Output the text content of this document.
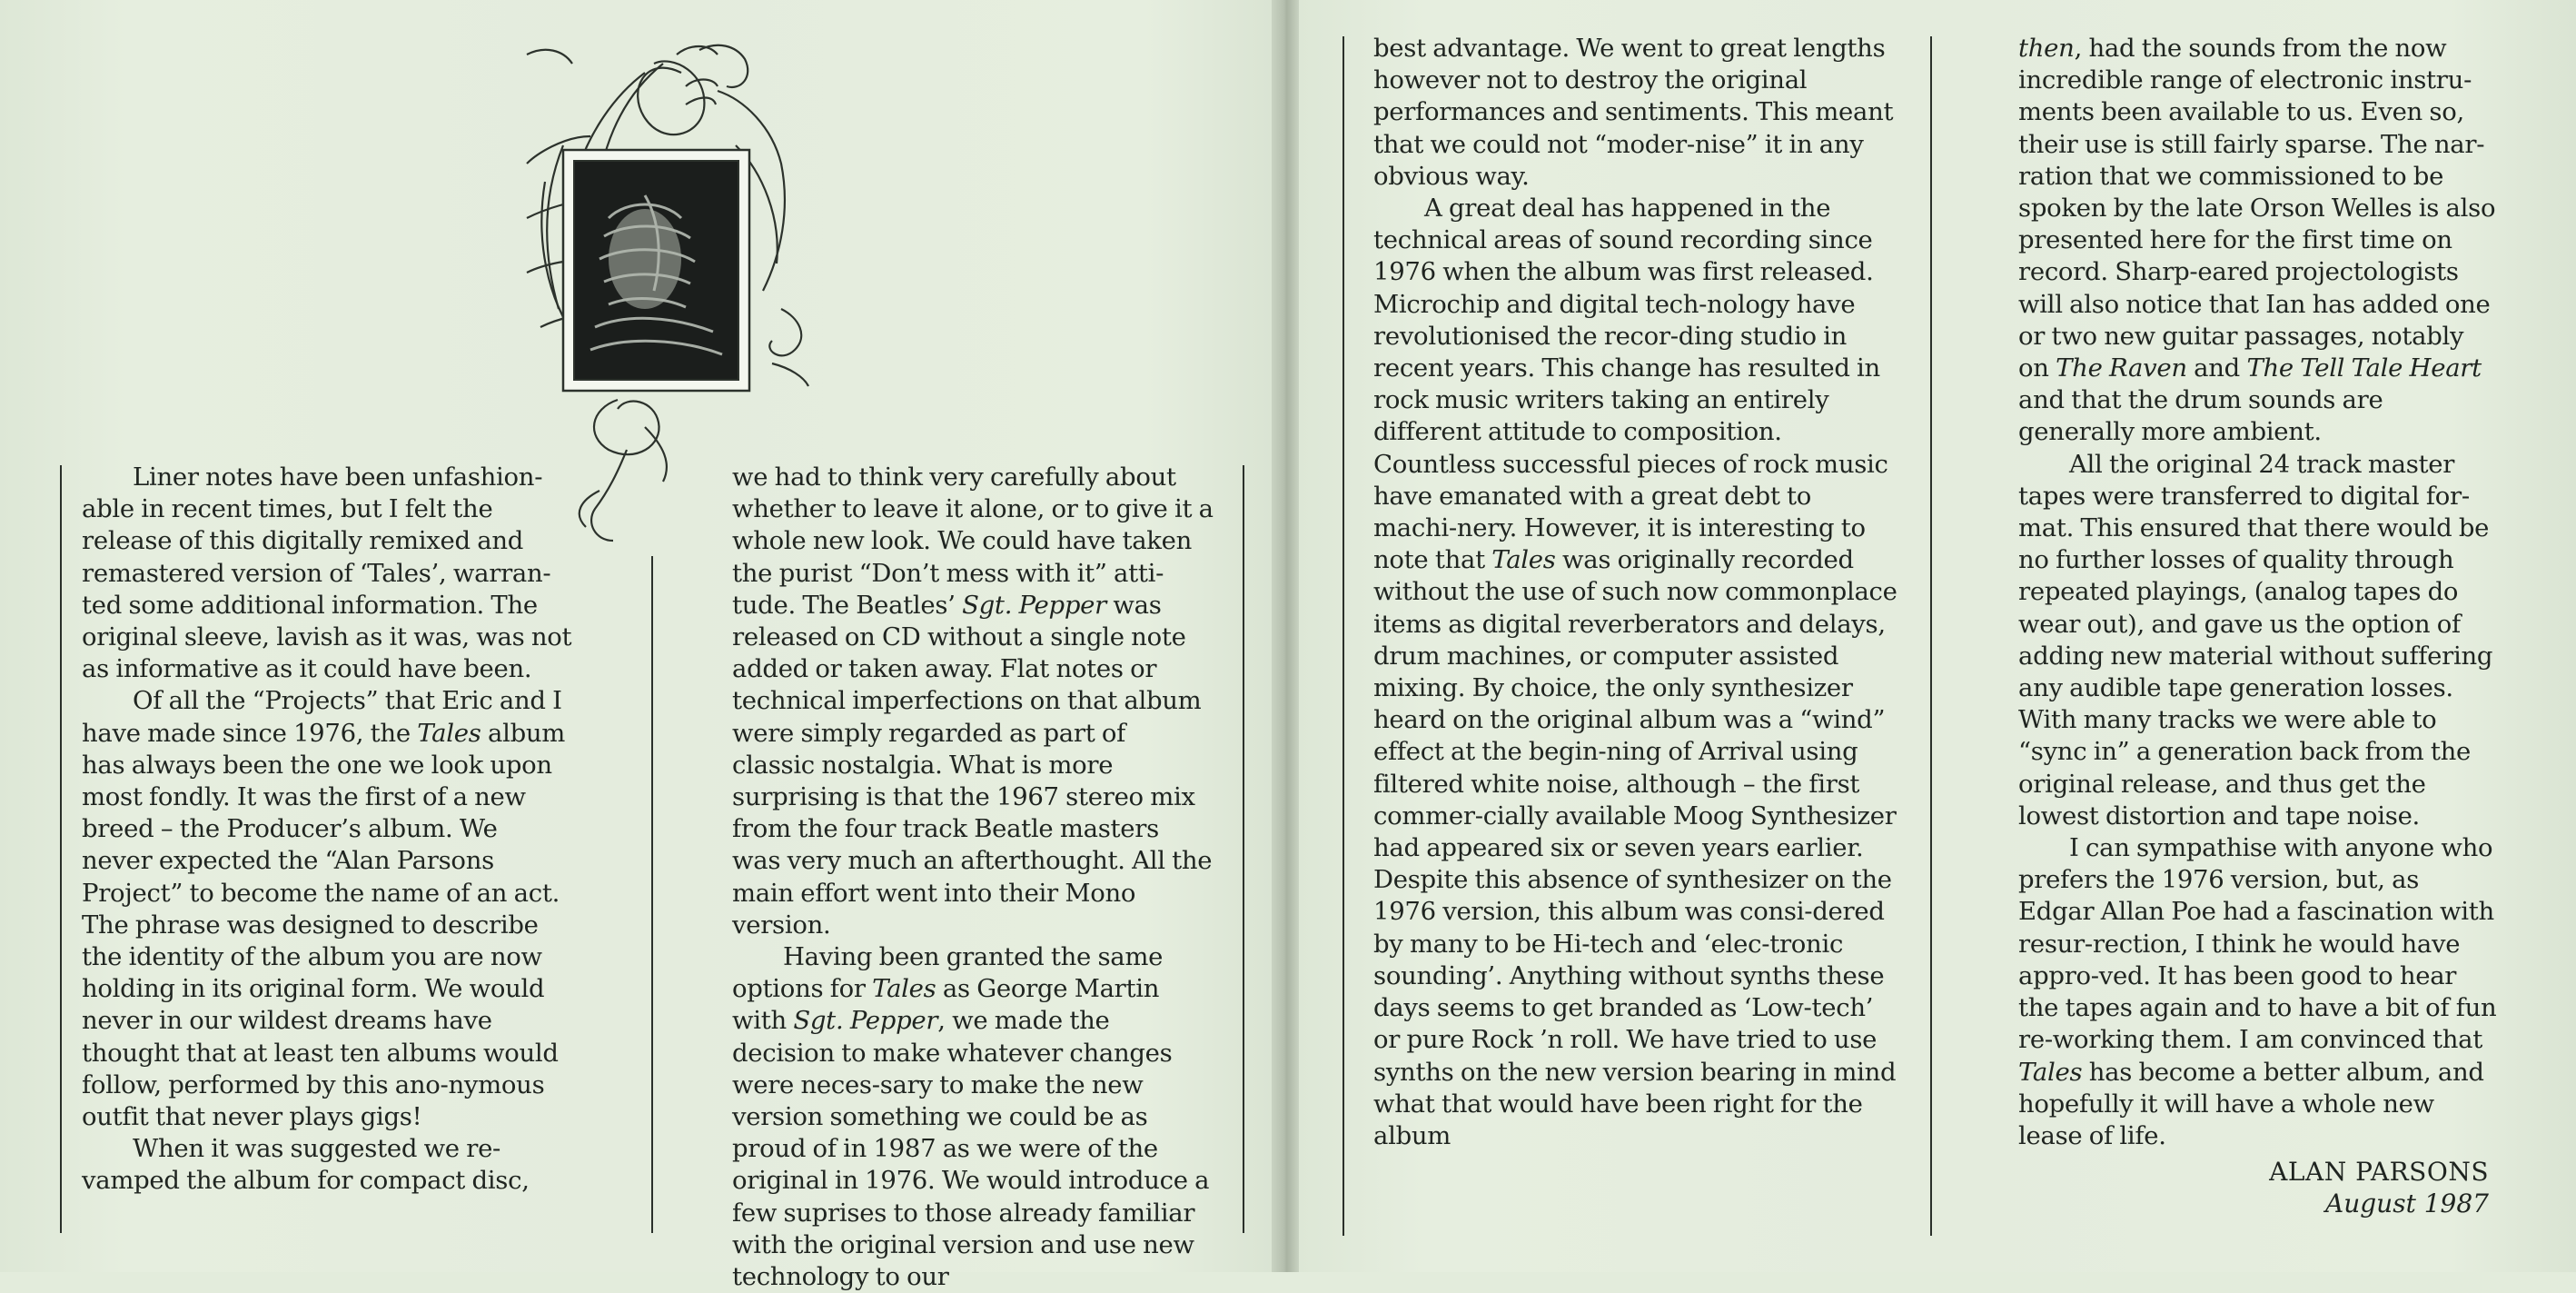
Liner notes have been unfashion-able in recent times, but I felt the release of this digitally remixed and remastered version of ‘Tales’, warran-ted some additional information. The original sleeve, lavish as it was, was not as informative as it could have been.

Of all the “Projects” that Eric and I have made since 1976, the Tales album has always been the one we look upon most fondly. It was the first of a new breed – the Producer’s album. We never expected the “Alan Parsons Project” to become the name of an act. The phrase was designed to describe the identity of the album you are now holding in its original form. We would never in our wildest dreams have thought that at least ten albums would follow, performed by this ano-nymous outfit that never plays gigs!

When it was suggested we re-vamped the album for compact disc,

we had to think very carefully about whether to leave it alone, or to give it a whole new look. We could have taken the purist “Don’t mess with it” atti-tude. The Beatles’ Sgt. Pepper was released on CD without a single note added or taken away. Flat notes or technical imperfections on that album were simply regarded as part of classic nostalgia. What is more surprising is that the 1967 stereo mix from the four track Beatle masters was very much an afterthought. All the main effort went into their Mono version.

Having been granted the same options for Tales as George Martin with Sgt. Pepper, we made the decision to make whatever changes were neces-sary to make the new version something we could be as proud of in 1987 as we were of the original in 1976. We would introduce a few suprises to those already familiar with the original version and use new technology to our

best advantage. We went to great lengths however not to destroy the original performances and sentiments. This meant that we could not “moder-nise” it in any obvious way.

A great deal has happened in the technical areas of sound recording since 1976 when the album was first released. Microchip and digital tech-nology have revolutionised the recor-ding studio in recent years. This change has resulted in rock music writers taking an entirely different attitude to composition. Countless successful pieces of rock music have emanated with a great debt to machi-nery. However, it is interesting to note that Tales was originally recorded without the use of such now commonplace items as digital reverberators and delays, drum machines, or computer assisted mixing. By choice, the only synthesizer heard on the original album was a “wind” effect at the begin-ning of Arrival using filtered white noise, although – the first commer-cially available Moog Synthesizer had appeared six or seven years earlier. Despite this absence of synthesizer on the 1976 version, this album was consi-dered by many to be Hi-tech and ‘elec-tronic sounding’. Anything without synths these days seems to get branded as ‘Low-tech’ or pure Rock ’n roll. We have tried to use synths on the new version bearing in mind what that would have been right for the album

then, had the sounds from the now incredible range of electronic instru-ments been available to us. Even so, their use is still fairly sparse. The nar-ration that we commissioned to be spoken by the late Orson Welles is also presented here for the first time on record. Sharp-eared projectologists will also notice that Ian has added one or two new guitar passages, notably on The Raven and The Tell Tale Heart and that the drum sounds are generally more ambient.

All the original 24 track master tapes were transferred to digital for-mat. This ensured that there would be no further losses of quality through repeated playings, (analog tapes do wear out), and gave us the option of adding new material without suffering any audible tape generation losses. With many tracks we were able to “sync in” a generation back from the original release, and thus get the lowest distortion and tape noise.

I can sympathise with anyone who prefers the 1976 version, but, as Edgar Allan Poe had a fascination with resur-rection, I think he would have appro-ved. It has been good to hear the tapes again and to have a bit of fun re-working them. I am convinced that Tales has become a better album, and hopefully it will have a whole new lease of life.

ALAN PARSONS
August 1987
